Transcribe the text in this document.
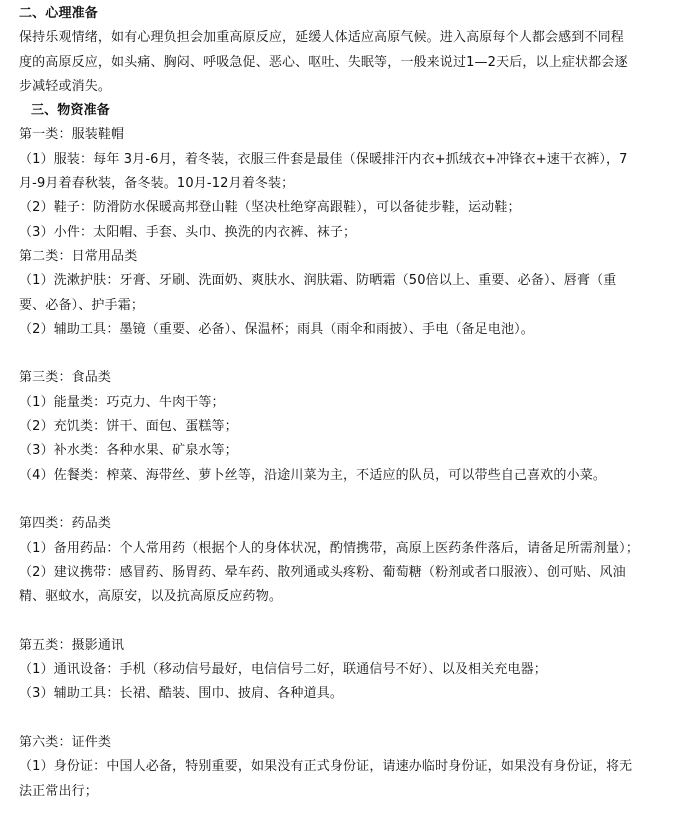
二、心理准备
保持乐观情绪，如有心理负担会加重高原反应，延缓人体适应高原气候。进入高原每个人都会感到不同程
度的高原反应，如头痛、胸闷、呼吸急促、恶心、呕吐、失眠等，一般来说过1—2天后，以上症状都会逐
步减轻或消失。
三、物资准备
第一类：服装鞋帽
（1）服装：每年 3月-6月，着冬装，衣服三件套是最佳（保暖排汗内衣+抓绒衣+冲锋衣+速干衣裤），7
月-9月着春秋装，备冬装。10月-12月着冬装；
（2）鞋子：防滑防水保暖高邦登山鞋（坚决杜绝穿高跟鞋），可以备徒步鞋，运动鞋；
（3）小件：太阳帽、手套、头巾、换洗的内衣裤、袜子；
第二类：日常用品类
（1）洗漱护肤：牙膏、牙刷、洗面奶、爽肤水、润肤霜、防晒霜（50倍以上、重要、必备）、唇膏（重
要、必备）、护手霜；
（2）辅助工具：墨镜（重要、必备）、保温杯；雨具（雨伞和雨披）、手电（备足电池）。
第三类：食品类
（1）能量类：巧克力、牛肉干等；
（2）充饥类：饼干、面包、蛋糕等；
（3）补水类：各种水果、矿泉水等；
（4）佐餐类：榨菜、海带丝、萝卜丝等，沿途川菜为主，不适应的队员，可以带些自己喜欢的小菜。
第四类：药品类
（1）备用药品：个人常用药（根据个人的身体状况，酌情携带，高原上医药条件落后，请备足所需剂量）；
（2）建议携带：感冒药、肠胃药、晕车药、散列通或头疼粉、葡萄糖（粉剂或者口服液）、创可贴、风油
精、驱蚊水，高原安，以及抗高原反应药物。
第五类：摄影通讯
（1）通讯设备：手机（移动信号最好，电信信号二好，联通信号不好）、以及相关充电器；
（3）辅助工具：长裙、酷装、围巾、披肩、各种道具。
第六类：证件类
（1）身份证：中国人必备，特别重要，如果没有正式身份证，请速办临时身份证，如果没有身份证，将无
法正常出行；
